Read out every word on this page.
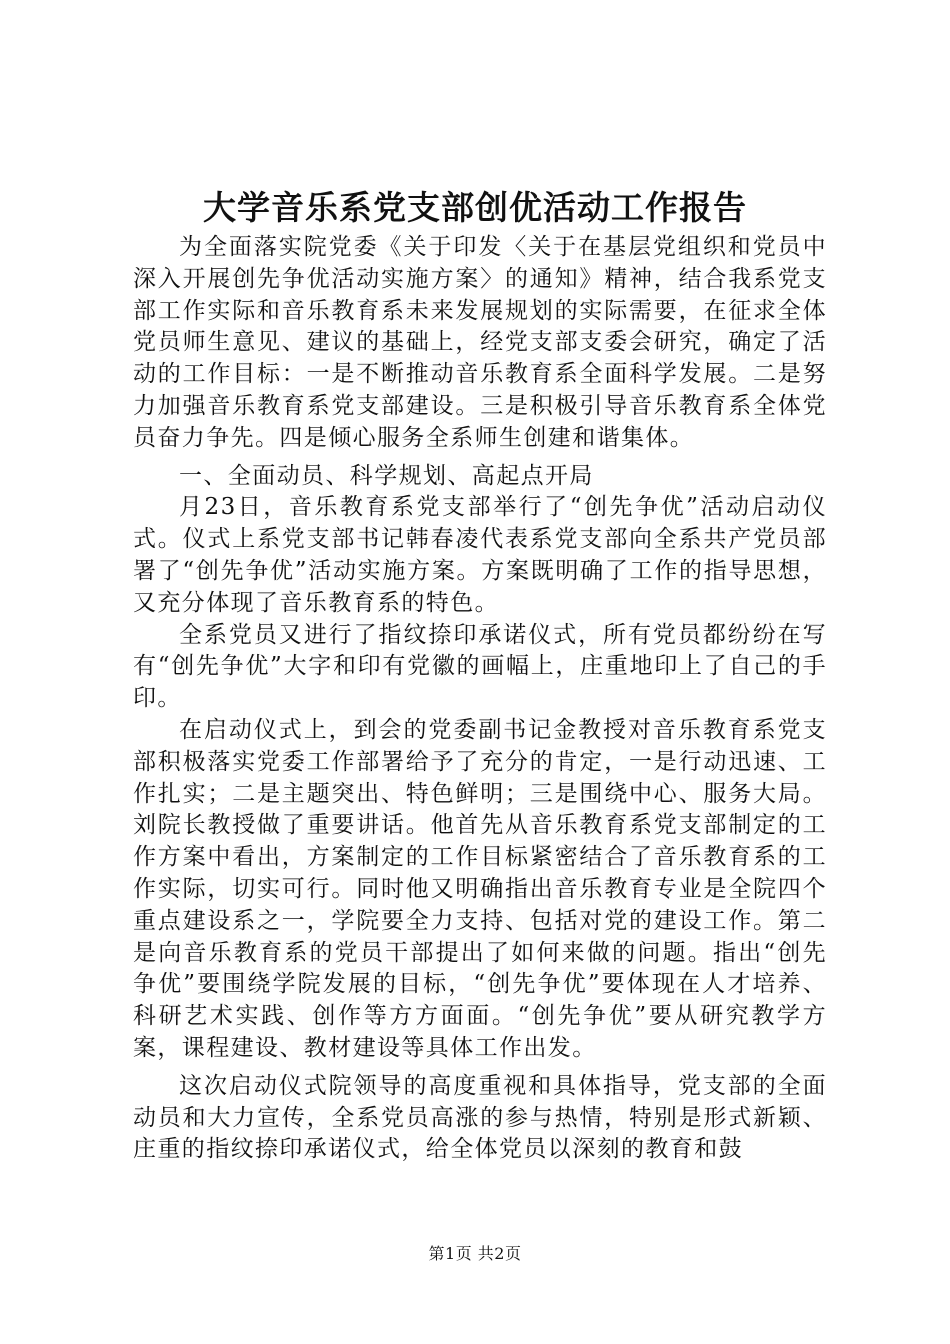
大学音乐系党支部创优活动工作报告

为全面落实院党委《关于印发〈关于在基层党组织和党员中深入开展创先争优活动实施方案〉的通知》精神，结合我系党支部工作实际和音乐教育系未来发展规划的实际需要，在征求全体党员师生意见、建议的基础上，经党支部支委会研究，确定了活动的工作目标：一是不断推动音乐教育系全面科学发展。二是努力加强音乐教育系党支部建设。三是积极引导音乐教育系全体党员奋力争先。四是倾心服务全系师生创建和谐集体。

一、全面动员、科学规划、高起点开局

月23日，音乐教育系党支部举行了“创先争优”活动启动仪式。仪式上系党支部书记韩春凌代表系党支部向全系共产党员部署了“创先争优”活动实施方案。方案既明确了工作的指导思想，又充分体现了音乐教育系的特色。

全系党员又进行了指纹捺印承诺仪式，所有党员都纷纷在写有“创先争优”大字和印有党徽的画幅上，庄重地印上了自己的手印。

在启动仪式上，到会的党委副书记金教授对音乐教育系党支部积极落实党委工作部署给予了充分的肯定，一是行动迅速、工作扎实；二是主题突出、特色鲜明；三是围绕中心、服务大局。刘院长教授做了重要讲话。他首先从音乐教育系党支部制定的工作方案中看出，方案制定的工作目标紧密结合了音乐教育系的工作实际，切实可行。同时他又明确指出音乐教育专业是全院四个重点建设系之一，学院要全力支持、包括对党的建设工作。第二是向音乐教育系的党员干部提出了如何来做的问题。指出“创先争优”要围绕学院发展的目标，“创先争优”要体现在人才培养、科研艺术实践、创作等方方面面。“创先争优”要从研究教学方案，课程建设、教材建设等具体工作出发。

这次启动仪式院领导的高度重视和具体指导，党支部的全面动员和大力宣传，全系党员高涨的参与热情，特别是形式新颖、庄重的指纹捺印承诺仪式，给全体党员以深刻的教育和鼓

第1页 共2页
